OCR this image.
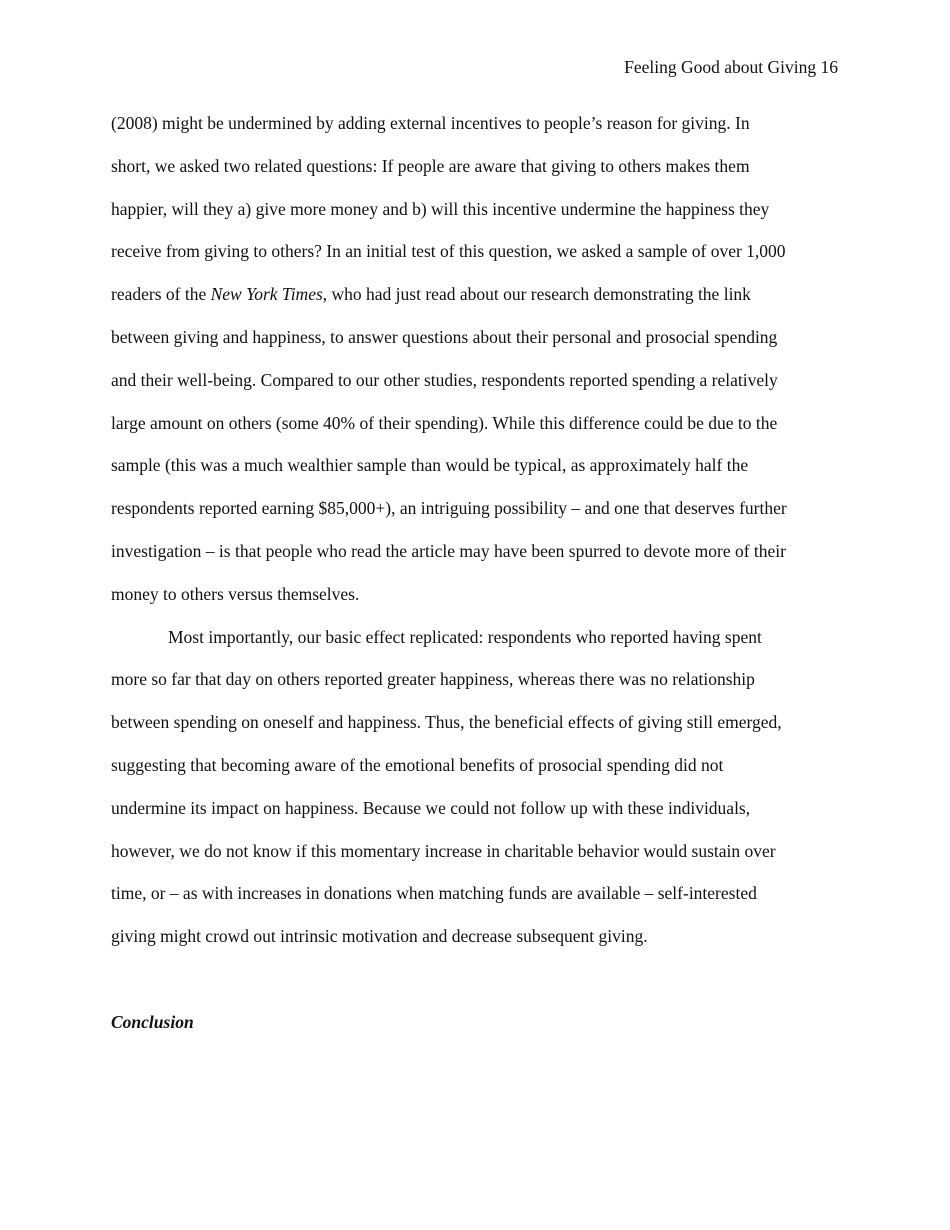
Feeling Good about Giving 16
(2008) might be undermined by adding external incentives to people’s reason for giving. In
short, we asked two related questions: If people are aware that giving to others makes them
happier, will they a) give more money and b) will this incentive undermine the happiness they
receive from giving to others? In an initial test of this question, we asked a sample of over 1,000
readers of the New York Times, who had just read about our research demonstrating the link
between giving and happiness, to answer questions about their personal and prosocial spending
and their well-being. Compared to our other studies, respondents reported spending a relatively
large amount on others (some 40% of their spending). While this difference could be due to the
sample (this was a much wealthier sample than would be typical, as approximately half the
respondents reported earning $85,000+), an intriguing possibility – and one that deserves further
investigation – is that people who read the article may have been spurred to devote more of their
money to others versus themselves.
Most importantly, our basic effect replicated: respondents who reported having spent
more so far that day on others reported greater happiness, whereas there was no relationship
between spending on oneself and happiness. Thus, the beneficial effects of giving still emerged,
suggesting that becoming aware of the emotional benefits of prosocial spending did not
undermine its impact on happiness. Because we could not follow up with these individuals,
however, we do not know if this momentary increase in charitable behavior would sustain over
time, or – as with increases in donations when matching funds are available – self-interested
giving might crowd out intrinsic motivation and decrease subsequent giving.
Conclusion
